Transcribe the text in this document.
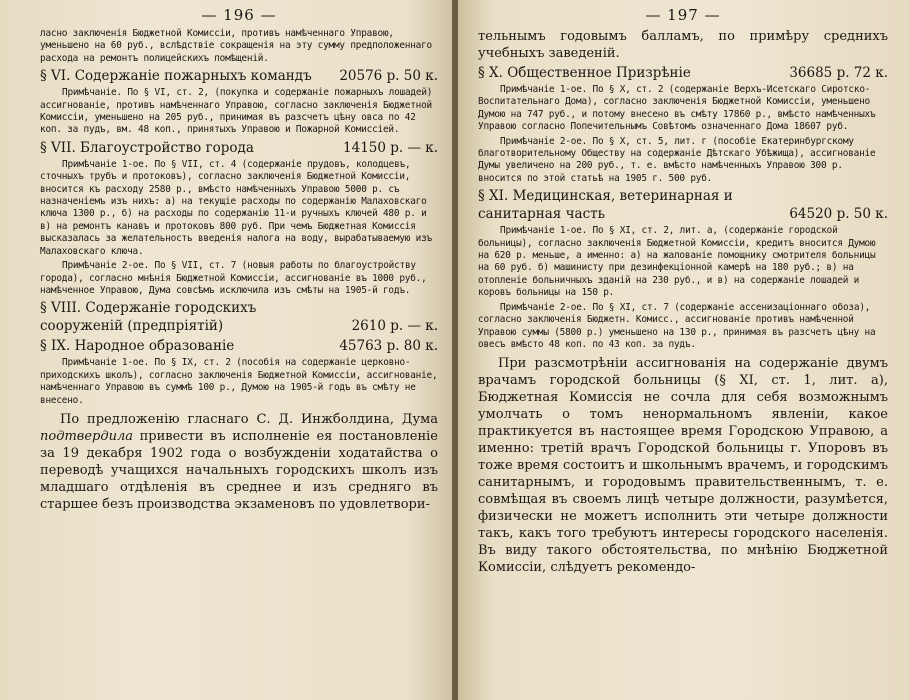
— 196 —

ласно заключенія Бюджетной Комиссіи, противъ намѣченнаго Управою, уменьшено на 60 руб., вслѣдствіе сокращенія на эту сумму предположеннаго расхода на ремонтъ полицейскихъ помѣщеній.

§ VI. Содержаніе пожарныхъ командъ	20576 р. 50 к.

Примѣчаніе. По § VI, ст. 2, (покупка и содержаніе пожарныхъ лошадей) ассигнованіе, противъ намѣченнаго Управою, согласно заключенія Бюджетной Комиссіи, уменьшено на 205 руб., принимая въ разсчетъ цѣну овса по 42 коп. за пудъ, вм. 48 коп., принятыхъ Управою и Пожарной Комиссіей.

§ VII. Благоустройство города	14150 р. — к.

Примѣчаніе 1-ое. По § VII, ст. 4 (содержаніе прудовъ, колодцевъ, сточныхъ трубъ и протоковъ), согласно заключенія Бюджетной Комиссіи, вносится къ расходу 2580 р., вмѣсто намѣченныхъ Управою 5000 р. съ назначеніемъ изъ нихъ: а) на текущіе расходы по содержанію Малаховскаго ключа 1300 р., б) на расходы по содержанію 11-и ручныхъ ключей 480 р. и в) на ремонтъ канавъ и протоковъ 800 руб. При чемъ Бюджетная Комиссія высказалась за желательность введенія налога на воду, вырабатываемую изъ Малаховскаго ключа.

Примѣчаніе 2-ое. По § VII, ст. 7 (новыя работы по благоустройству города), согласно мнѣнія Бюджетной Комиссіи, ассигнованіе въ 1000 руб., намѣченное Управою, Дума совсѣмъ исключила изъ смѣты на 1905-й годъ.

§ VIII. Содержаніе городскихъ сооруженій (предпріятій)	2610 р. — к.
§ IX. Народное образованіе	45763 р. 80 к.

Примѣчаніе 1-ое. По § IX, ст. 2 (пособія на содержаніе церковно-приходскихъ школъ), согласно заключенія Бюджетной Комиссіи, ассигнованіе, намѣченнаго Управою въ суммѣ 100 р., Думою на 1905-й годъ въ смѣту не внесено.

По предложенію гласнаго С. Д. Инжболдина, Дума подтвердила привести въ исполненіе ея постановленіе за 19 декабря 1902 года о возбужденіи ходатайства о переводѣ учащихся начальныхъ городскихъ школъ изъ младшаго отдѣленія въ среднее и изъ средняго въ старшее безъ производства экзаменовъ по удовлетвори-

— 197 —

тельнымъ годовымъ балламъ, по примѣру среднихъ учебныхъ заведеній.

§ X. Общественное Призрѣніе	36685 р. 72 к.

Примѣчаніе 1-ое. По § X, ст. 2 (содержаніе Верхъ-Исетскаго Сиротско-Воспитательнаго Дома), согласно заключенія Бюджетной Комиссіи, уменьшено Думою на 747 руб., и потому внесено въ смѣту 17860 р., вмѣсто намѣченныхъ Управою согласно Попечительнымъ Совѣтомъ означеннаго Дома 18607 руб.

Примѣчаніе 2-ое. По § X, ст. 5, лит. г (пособіе Екатеринбургскому благотворительному Обществу на содержаніе Дѣтскаго Убѣжища), ассигнованіе Думы увеличено на 200 руб., т. е. вмѣсто намѣченныхъ Управою 300 р. вносится по этой статьѣ на 1905 г. 500 руб.

§ XI. Медицинская, ветеринарная и санитарная часть	64520 р. 50 к.

Примѣчаніе 1-ое. По § XI, ст. 2, лит. а, (содержаніе городской больницы), согласно заключенія Бюджетной Комиссіи, кредитъ вносится Думою на 620 р. меньше, а именно: а) на жалованіе помощнику смотрителя больницы на 60 руб. б) машинисту при дезинфекціонной камерѣ на 180 руб.; в) на отопленіе больничныхъ зданій на 230 руб., и в) на содержаніе лошадей и коровъ больницы на 150 р.

Примѣчаніе 2-ое. По § XI, ст. 7 (содержаніе ассенизаціоннаго обоза), согласно заключенія Бюджетн. Комисс., ассигнованіе противъ намѣченной Управою суммы (5800 р.) уменьшено на 130 р., принимая въ разсчетъ цѣну на овесъ вмѣсто 48 коп. по 43 коп. за пудъ.

При разсмотрѣніи ассигнованія на содержаніе двумъ врачамъ городской больницы (§ XI, ст. 1, лит. а), Бюджетная Комиссія не сочла для себя возможнымъ умолчать о томъ ненормальномъ явленіи, какое практикуется въ настоящее время Городскою Управою, а именно: третій врачъ Городской больницы г. Упоровъ въ тоже время состоитъ и школьнымъ врачемъ, и городскимъ санитарнымъ, и городовымъ правительственнымъ, т. е. совмѣщая въ своемъ лицѣ четыре должности, разумѣется, физически не можетъ исполнить эти четыре должности такъ, какъ того требуютъ интересы городского населенія. Въ виду такого обстоятельства, по мнѣнію Бюджетной Комиссіи, слѣдуетъ рекомендо-
